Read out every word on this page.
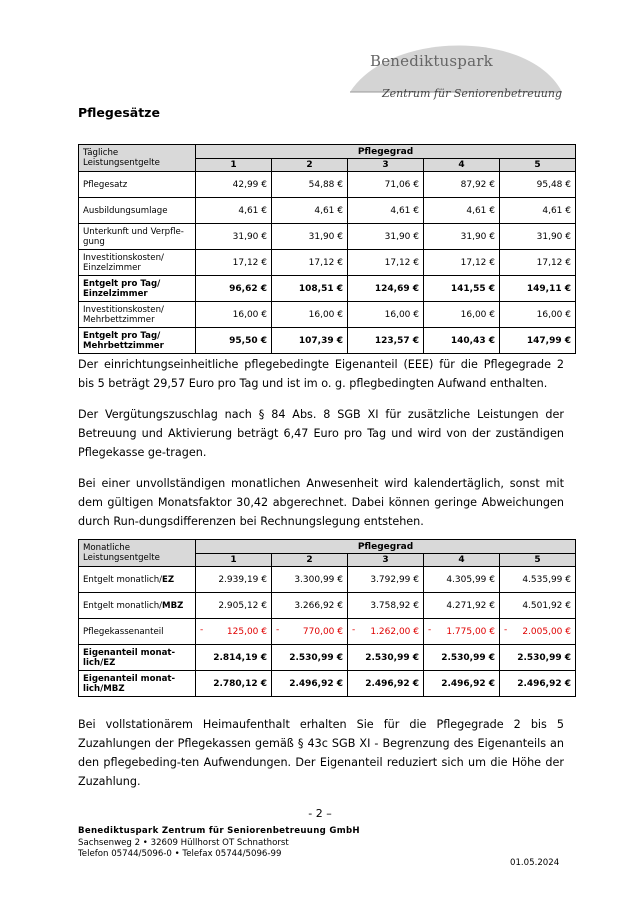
Benediktuspark
Zentrum für Seniorenbetreuung
Pflegesätze
Tägliche Leistungsentgelte	Pflegegrad				
	1	2	3	4	5
Pflegesatz	42,99 €	54,88 €	71,06 €	87,92 €	95,48 €
Ausbildungsumlage	4,61 €	4,61 €	4,61 €	4,61 €	4,61 €
Unterkunft und Verpfle-gung	31,90 €	31,90 €	31,90 €	31,90 €	31,90 €
Investitionskosten/ Einzelzimmer	17,12 €	17,12 €	17,12 €	17,12 €	17,12 €
Entgelt pro Tag/ Einzelzimmer	96,62 €	108,51 €	124,69 €	141,55 €	149,11 €
Investitionskosten/ Mehrbettzimmer	16,00 €	16,00 €	16,00 €	16,00 €	16,00 €
Entgelt pro Tag/ Mehrbettzimmer	95,50 €	107,39 €	123,57 €	140,43 €	147,99 €
Der einrichtungseinheitliche pflegebedingte Eigenanteil (EEE) für die Pflegegrade 2 bis 5 beträgt 29,57 Euro pro Tag und ist im o. g. pflegbedingten Aufwand enthalten.
Der Vergütungszuschlag nach § 84 Abs. 8 SGB XI für zusätzliche Leistungen der Betreuung und Aktivierung beträgt 6,47 Euro pro Tag und wird von der zuständigen Pflegekasse ge-tragen.
Bei einer unvollständigen monatlichen Anwesenheit wird kalendertäglich, sonst mit dem gültigen Monatsfaktor 30,42 abgerechnet. Dabei können geringe Abweichungen durch Run-dungsdifferenzen bei Rechnungslegung entstehen.
Monatliche Leistungsentgelte	Pflegegrad				
	1	2	3	4	5
Entgelt monatlich/EZ	2.939,19 €	3.300,99 €	3.792,99 €	4.305,99 €	4.535,99 €
Entgelt monatlich/MBZ	2.905,12 €	3.266,92 €	3.758,92 €	4.271,92 €	4.501,92 €
Pflegekassenanteil	- 125,00 €	- 770,00 €	- 1.262,00 €	- 1.775,00 €	- 2.005,00 €
Eigenanteil monat-lich/EZ	2.814,19 €	2.530,99 €	2.530,99 €	2.530,99 €	2.530,99 €
Eigenanteil monat-lich/MBZ	2.780,12 €	2.496,92 €	2.496,92 €	2.496,92 €	2.496,92 €
Bei vollstationärem Heimaufenthalt erhalten Sie für die Pflegegrade 2 bis 5 Zuzahlungen der Pflegekassen gemäß § 43c SGB XI - Begrenzung des Eigenanteils an den pflegebeding-ten Aufwendungen. Der Eigenanteil reduziert sich um die Höhe der Zuzahlung.
- 2 –
Benediktuspark Zentrum für Seniorenbetreuung GmbH
Sachsenweg 2 • 32609 Hüllhorst OT Schnathorst
Telefon 05744/5096-0 • Telefax 05744/5096-99
01.05.2024
